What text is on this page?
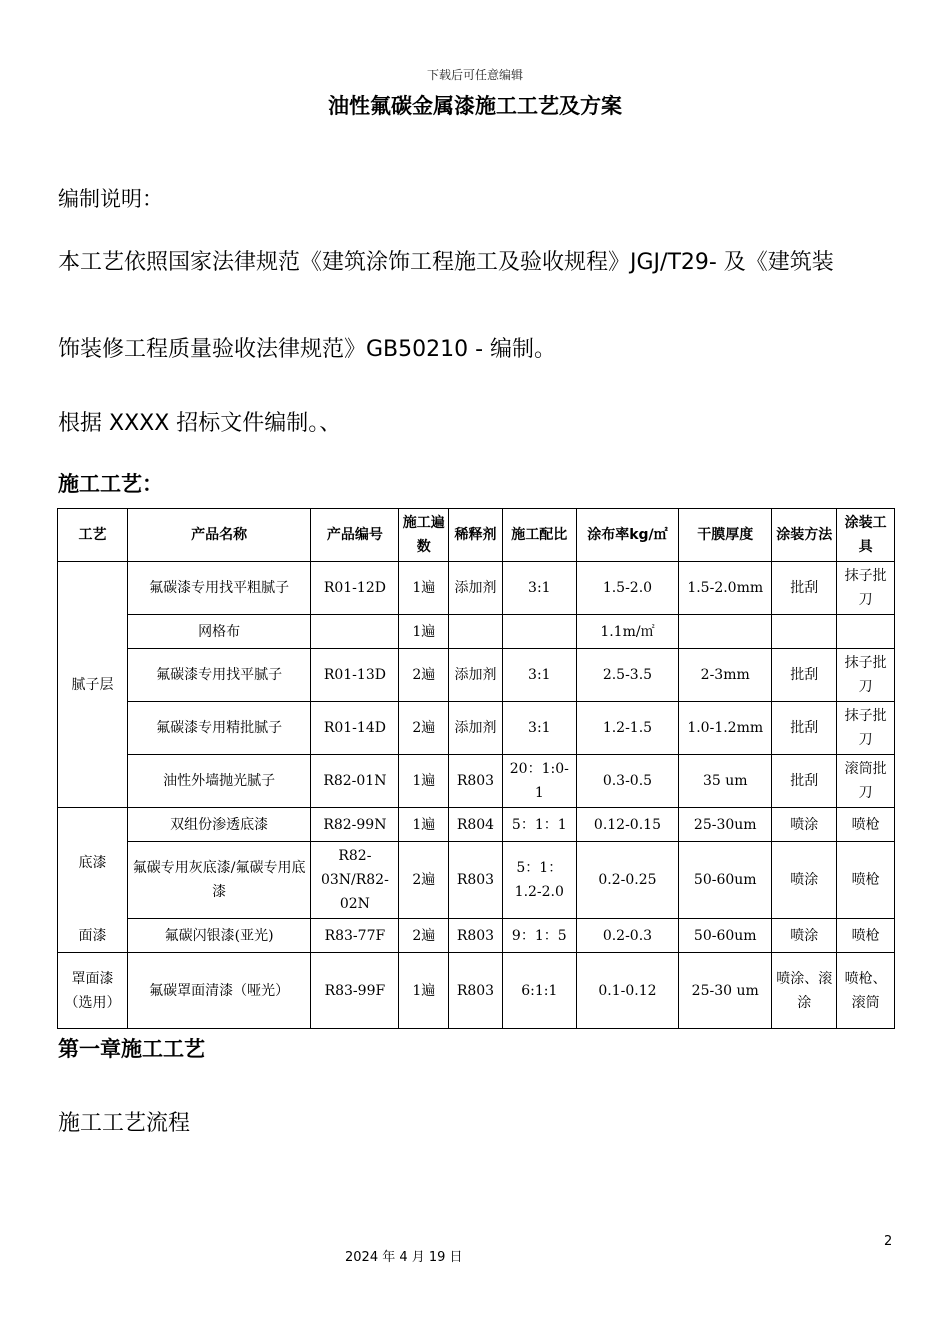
下载后可任意编辑
油性氟碳金属漆施工工艺及方案
编制说明：
本工艺依照国家法律规范《建筑涂饰工程施工及验收规程》JGJ/T29- 及《建筑装
饰装修工程质量验收法律规范》GB50210 - 编制。
根据 XXXX 招标文件编制。、
施工工艺：
工艺	产品名称	产品编号	施工遍数	稀释剂	施工配比	涂布率kg/㎡	干膜厚度	涂装方法	涂装工具
腻子层	氟碳漆专用找平粗腻子	R01-12D	1遍	添加剂	3:1	1.5-2.0	1.5-2.0mm	批刮	抹子批刀
	网格布		1遍			1.1m/㎡			
	氟碳漆专用找平腻子	R01-13D	2遍	添加剂	3:1	2.5-3.5	2-3mm	批刮	抹子批刀
	氟碳漆专用精批腻子	R01-14D	2遍	添加剂	3:1	1.2-1.5	1.0-1.2mm	批刮	抹子批刀
	油性外墙抛光腻子	R82-01N	1遍	R803	20：1:0-1	0.3-0.5	35 um	批刮	滚筒批刀
底漆	双组份渗透底漆	R82-99N	1遍	R804	5：1：1	0.12-0.15	25-30um	喷涂	喷枪
	氟碳专用灰底漆/氟碳专用底漆	R82-03N/R82-02N	2遍	R803	5：1：1.2-2.0	0.2-0.25	50-60um	喷涂	喷枪
面漆	氟碳闪银漆(亚光)	R83-77F	2遍	R803	9：1：5	0.2-0.3	50-60um	喷涂	喷枪
罩面漆（选用）	氟碳罩面清漆（哑光）	R83-99F	1遍	R803	6:1:1	0.1-0.12	25-30 um	喷涂、滚涂	喷枪、滚筒
第一章施工工艺
施工工艺流程
2
2024 年 4 月 19 日
